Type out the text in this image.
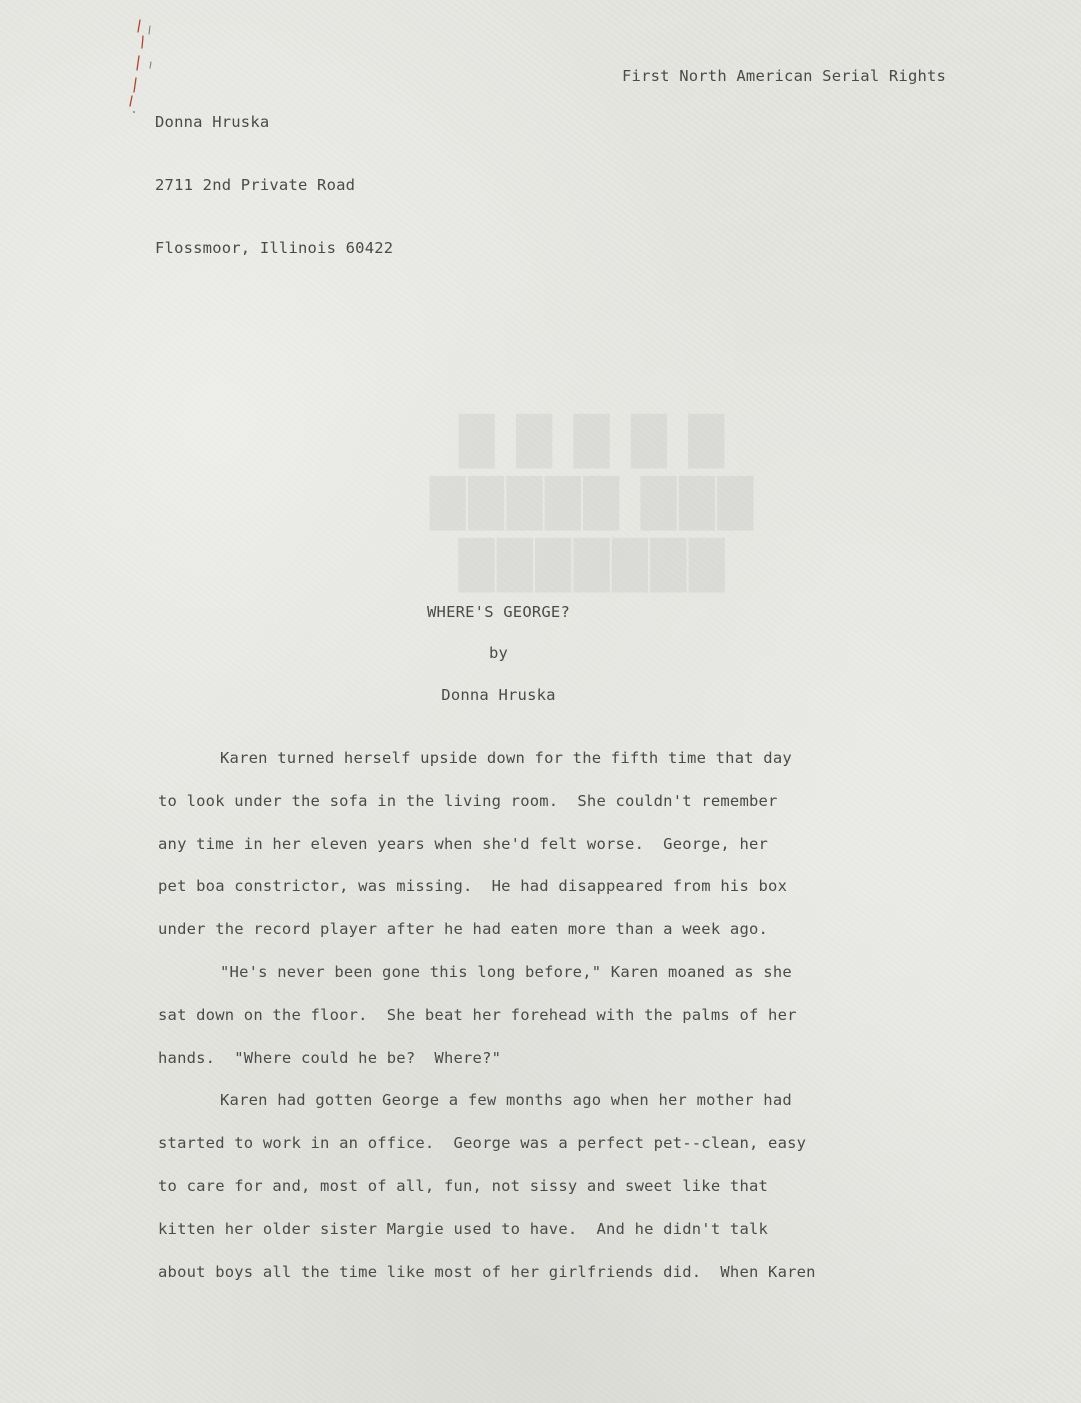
█ █ █ █ █
███ █████
███████

Donna Hruska

2711 2nd Private Road

Flossmoor, Illinois 60422

First North American Serial Rights
WHERE'S GEORGE?
by
Donna Hruska
Karen turned herself upside down for the fifth time that day
to look under the sofa in the living room.  She couldn't remember
any time in her eleven years when she'd felt worse.  George, her
pet boa constrictor, was missing.  He had disappeared from his box
under the record player after he had eaten more than a week ago.
"He's never been gone this long before," Karen moaned as she
sat down on the floor.  She beat her forehead with the palms of her
hands.  "Where could he be?  Where?"
Karen had gotten George a few months ago when her mother had
started to work in an office.  George was a perfect pet--clean, easy
to care for and, most of all, fun, not sissy and sweet like that
kitten her older sister Margie used to have.  And he didn't talk
about boys all the time like most of her girlfriends did.  When Karen
